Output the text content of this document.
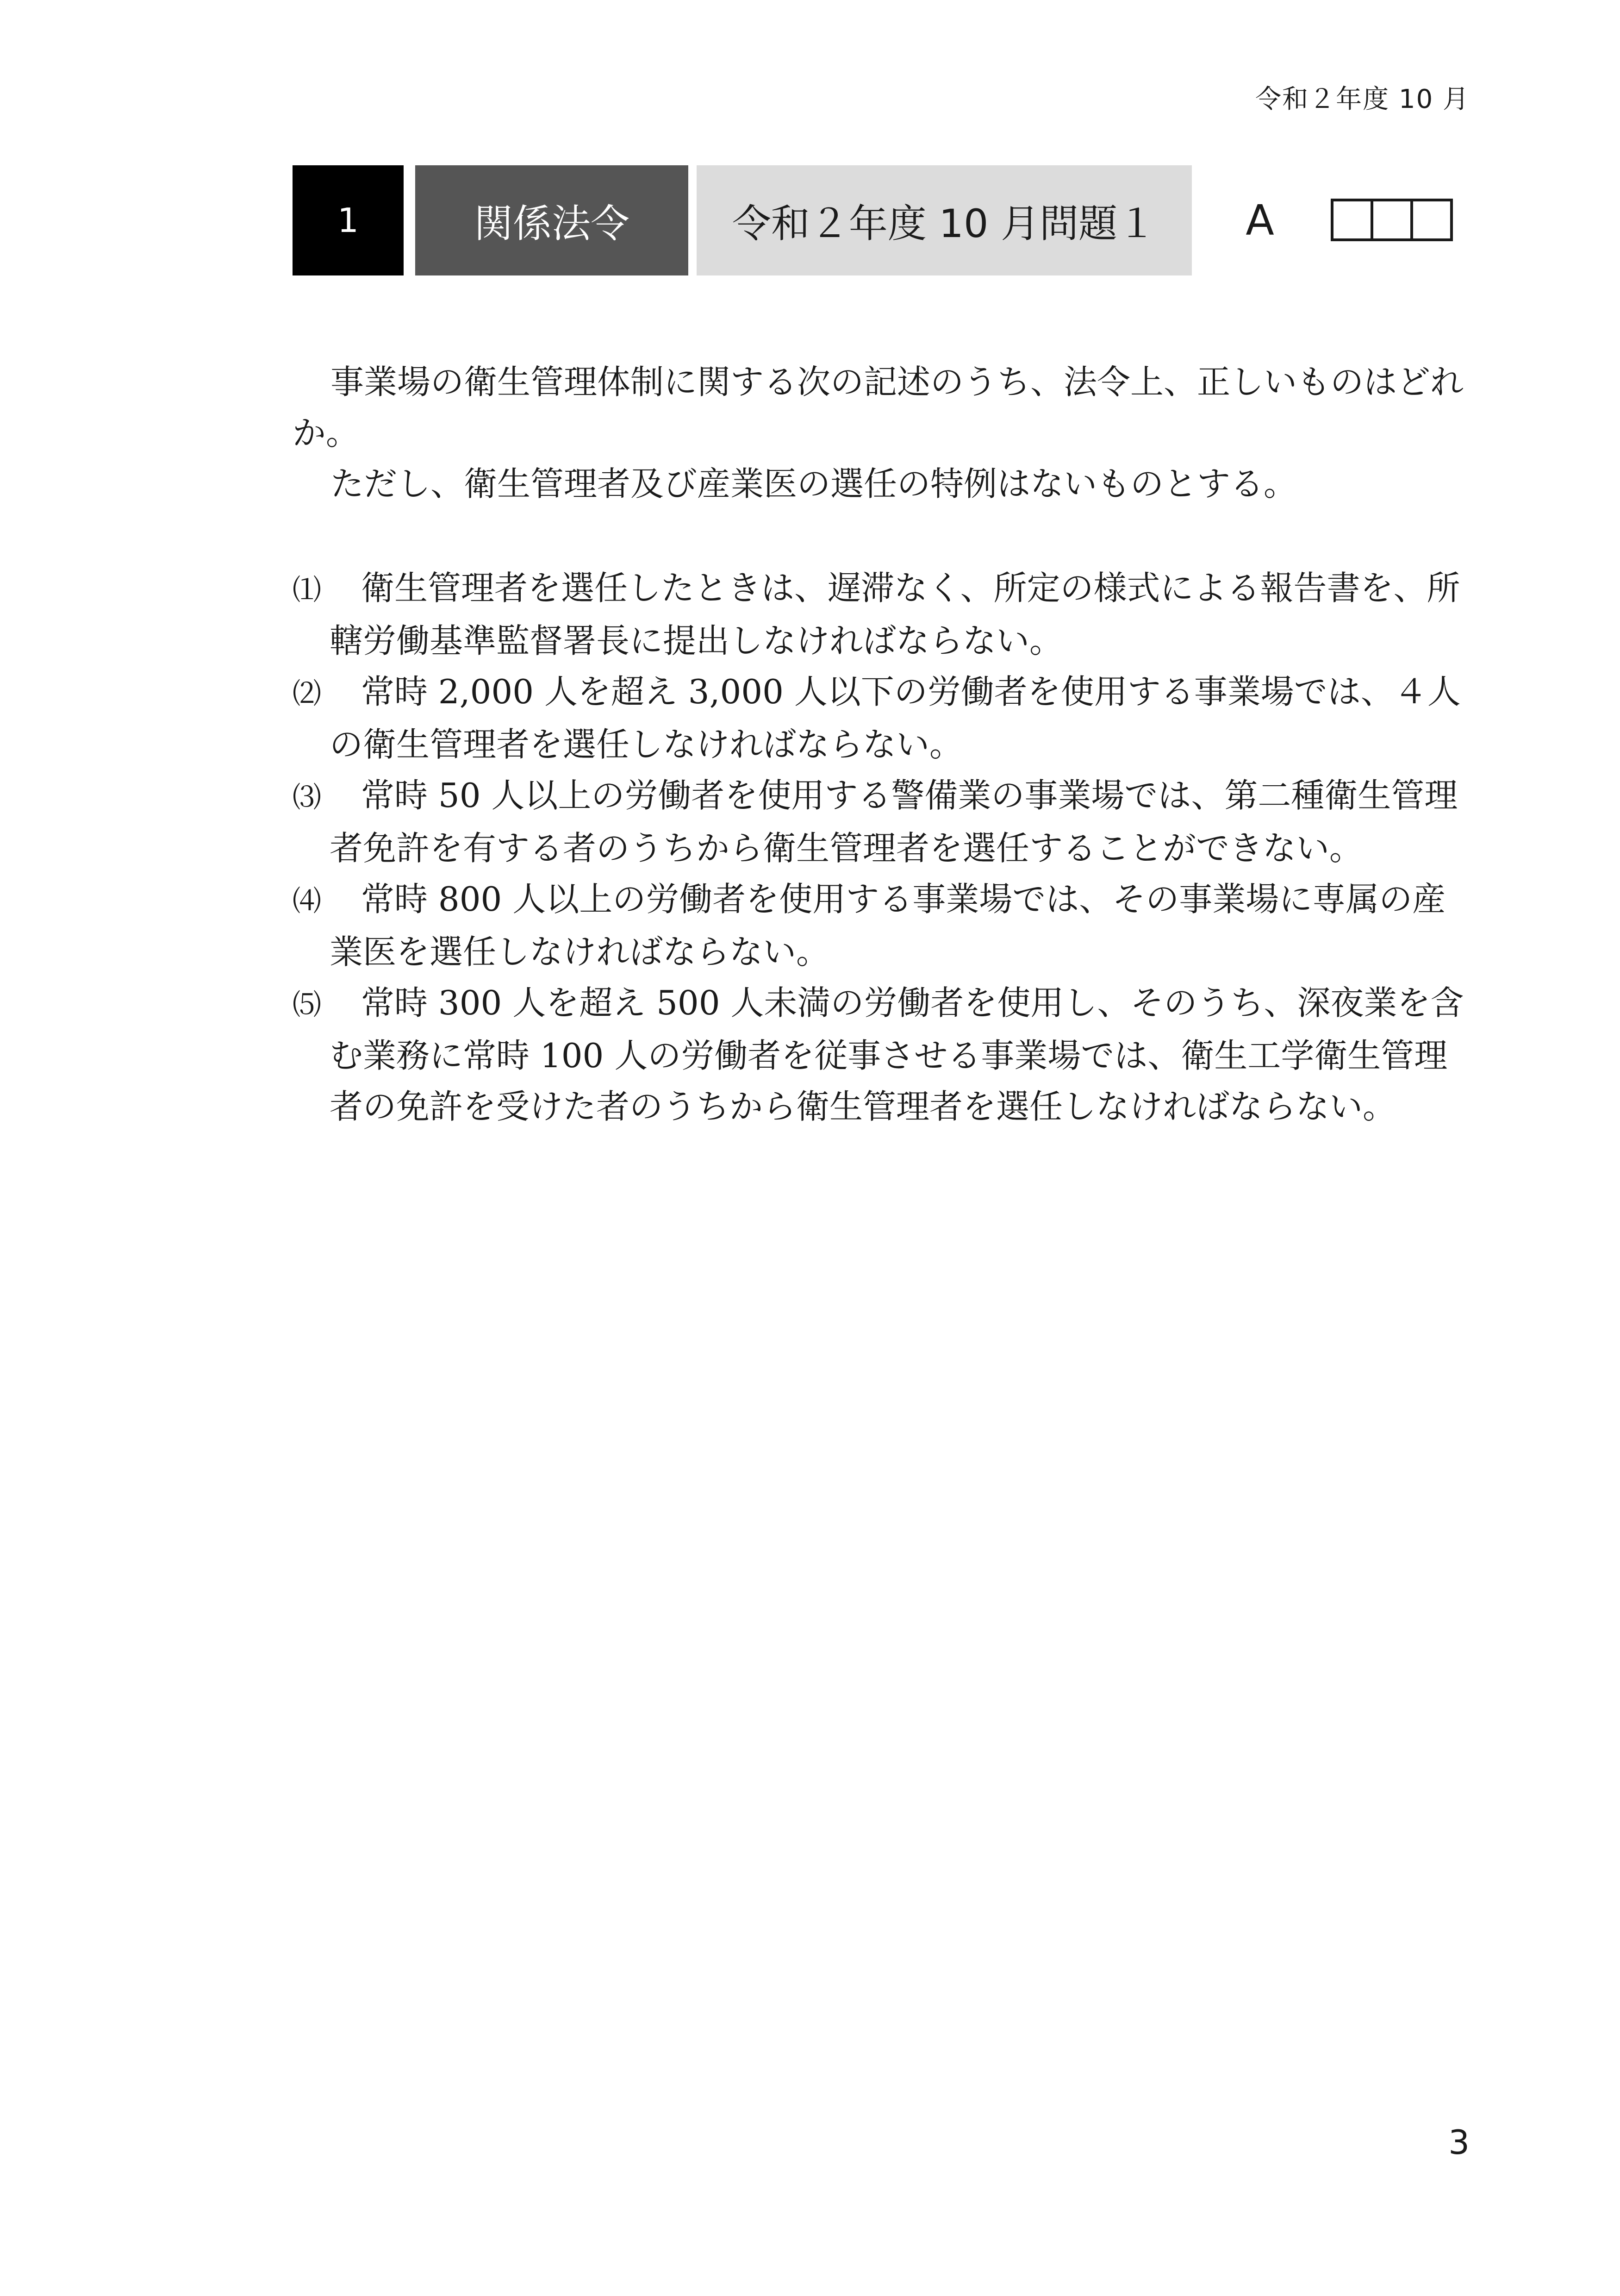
令和２年度 10 月
1	関係法令	令和２年度 10 月問題１	A

事業場の衛生管理体制に関する次の記述のうち、法令上、正しいものはどれか。

ただし、衛生管理者及び産業医の選任の特例はないものとする。

⑴ 衛生管理者を選任したときは、遅滞なく、所定の様式による報告書を、所轄労働基準監督署長に提出しなければならない。
⑵ 常時 2,000 人を超え 3,000 人以下の労働者を使用する事業場では、４人の衛生管理者を選任しなければならない。
⑶ 常時 50 人以上の労働者を使用する警備業の事業場では、第二種衛生管理者免許を有する者のうちから衛生管理者を選任することができない。
⑷ 常時 800 人以上の労働者を使用する事業場では、その事業場に専属の産業医を選任しなければならない。
⑸ 常時 300 人を超え 500 人未満の労働者を使用し、そのうち、深夜業を含む業務に常時 100 人の労働者を従事させる事業場では、衛生工学衛生管理者の免許を受けた者のうちから衛生管理者を選任しなければならない。
3
